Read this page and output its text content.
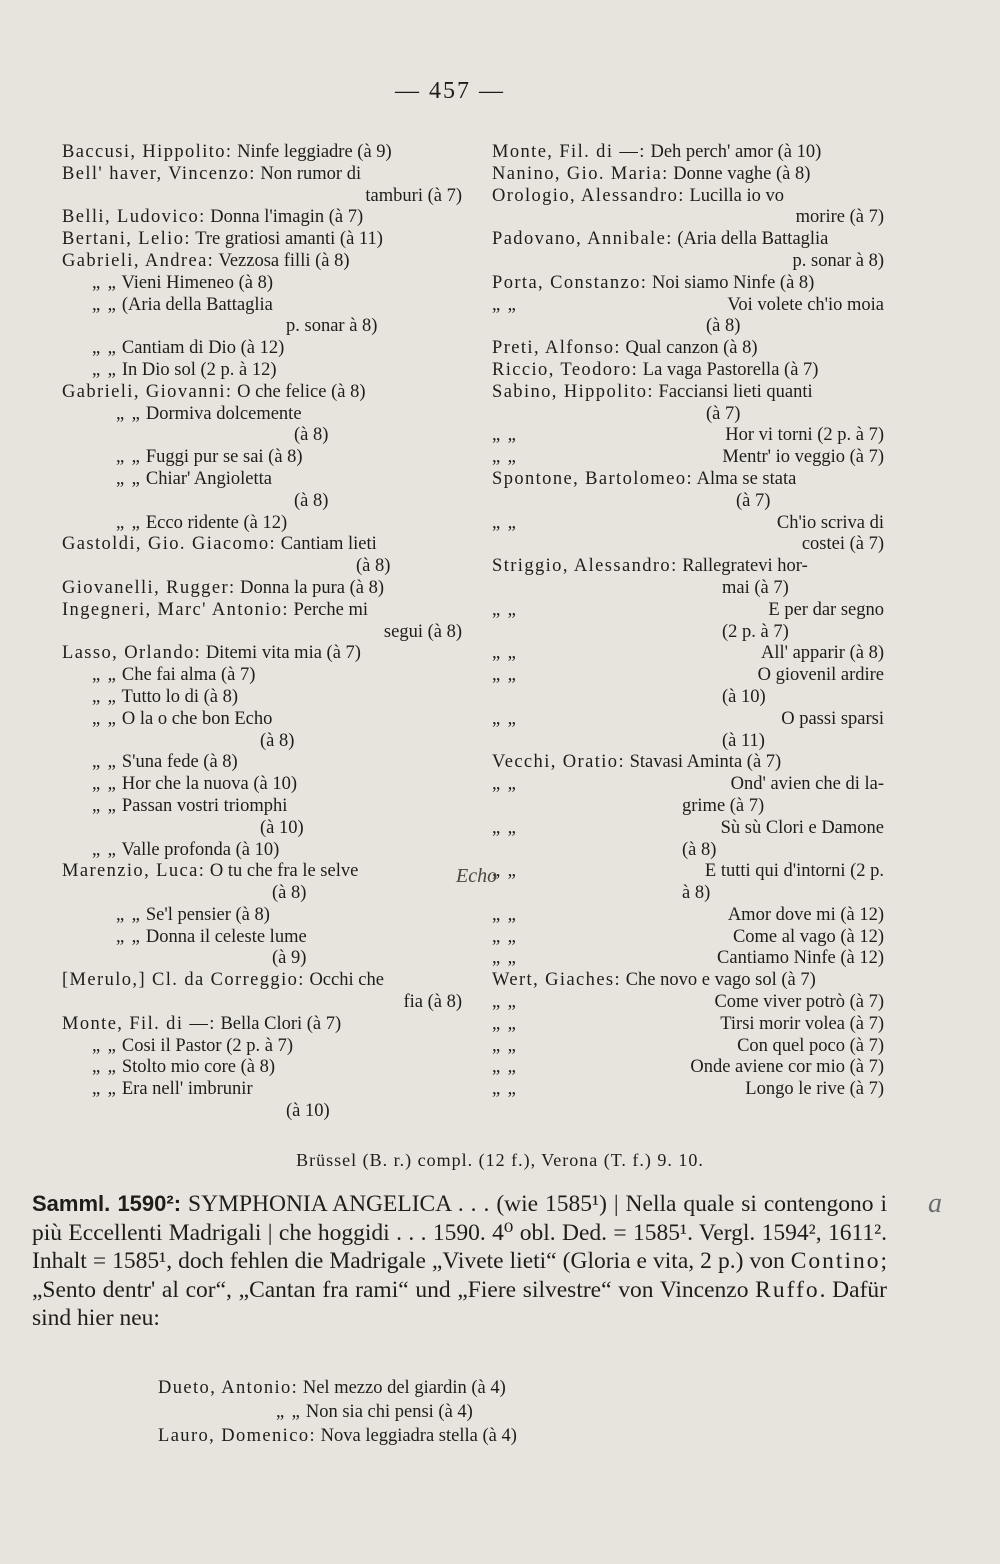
— 457 —
Baccusi, Hippolito: Ninfe leggiadre (à 9)
Bell' haver, Vincenzo: Non rumor di
tamburi (à 7)
Belli, Ludovico: Donna l'imagin (à 7)
Bertani, Lelio: Tre gratiosi amanti (à 11)
Gabrieli, Andrea: Vezzosa filli (à 8)
„ „ Vieni Himeneo (à 8)
„ „ (Aria della Battaglia
p. sonar à 8)
„ „ Cantiam di Dio (à 12)
„ „ In Dio sol (2 p. à 12)
Gabrieli, Giovanni: O che felice (à 8)
„ „ Dormiva dolcemente
(à 8)
„ „ Fuggi pur se sai (à 8)
„ „ Chiar' Angioletta
(à 8)
„ „ Ecco ridente (à 12)
Gastoldi, Gio. Giacomo: Cantiam lieti
(à 8)
Giovanelli, Rugger: Donna la pura (à 8)
Ingegneri, Marc' Antonio: Perche mi
segui (à 8)
Lasso, Orlando: Ditemi vita mia (à 7)
„ „ Che fai alma (à 7)
„ „ Tutto lo di (à 8)
„ „ O la o che bon Echo
(à 8)
„ „ S'una fede (à 8)
„ „ Hor che la nuova (à 10)
„ „ Passan vostri triomphi
(à 10)
„ „ Valle profonda (à 10)
Marenzio, Luca: O tu che fra le selve
(à 8)
„ „ Se'l pensier (à 8)
„ „ Donna il celeste lume
(à 9)
[Merulo,] Cl. da Correggio: Occhi che
fia (à 8)
Monte, Fil. di —: Bella Clori (à 7)
„ „ Cosi il Pastor (2 p. à 7)
„ „ Stolto mio core (à 8)
„ „ Era nell' imbrunir
(à 10)
Monte, Fil. di —: Deh perch' amor (à 10)
Nanino, Gio. Maria: Donne vaghe (à 8)
Orologio, Alessandro: Lucilla io vo
morire (à 7)
Padovano, Annibale: (Aria della Battaglia
p. sonar à 8)
Porta, Constanzo: Noi siamo Ninfe (à 8)
„ „	Voi volete ch'io moia
(à 8)
Preti, Alfonso: Qual canzon (à 8)
Riccio, Teodoro: La vaga Pastorella (à 7)
Sabino, Hippolito: Facciansi lieti quanti
(à 7)
„ „	Hor vi torni (2 p. à 7)
„ „	Mentr' io veggio (à 7)
Spontone, Bartolomeo: Alma se stata
(à 7)
„ „	Ch'io scriva di
costei (à 7)
Striggio, Alessandro: Rallegratevi hor-
mai (à 7)
„ „	E per dar segno
(2 p. à 7)
„ „	All' apparir (à 8)
„ „	O giovenil ardire
(à 10)
„ „	O passi sparsi
(à 11)
Vecchi, Oratio: Stavasi Aminta (à 7)
„ „	Ond' avien che di la-
grime (à 7)
„ „	Sù sù Clori e Damone
(à 8)
„ „	E tutti qui d'intorni (2 p.
à 8)
„ „	Amor dove mi (à 12)
„ „	Come al vago (à 12)
„ „	Cantiamo Ninfe (à 12)
Wert, Giaches: Che novo e vago sol (à 7)
„ „	Come viver potrò (à 7)
„ „	Tirsi morir volea (à 7)
„ „	Con quel poco (à 7)
„ „	Onde aviene cor mio (à 7)
„ „	Longo le rive (à 7)
Echo
Brüssel (B. r.) compl. (12 f.), Verona (T. f.) 9. 10.

Samml. 1590²: SYMPHONIA ANGELICA . . . (wie 1585¹) | Nella quale si contengono i più Eccellenti Madrigali | che hoggidi . . . 1590. 4⁰ obl. Ded. = 1585¹. Vergl. 1594², 1611². Inhalt = 1585¹, doch fehlen die Madrigale „Vivete lieti“ (Gloria e vita, 2 p.) von Contino; „Sento dentr' al cor“, „Cantan fra rami“ und „Fiere silvestre“ von Vincenzo Ruffo. Dafür sind hier neu:

Dueto, Antonio: Nel mezzo del giardin (à 4)
„ „ Non sia chi pensi (à 4)
Lauro, Domenico: Nova leggiadra stella (à 4)
a
